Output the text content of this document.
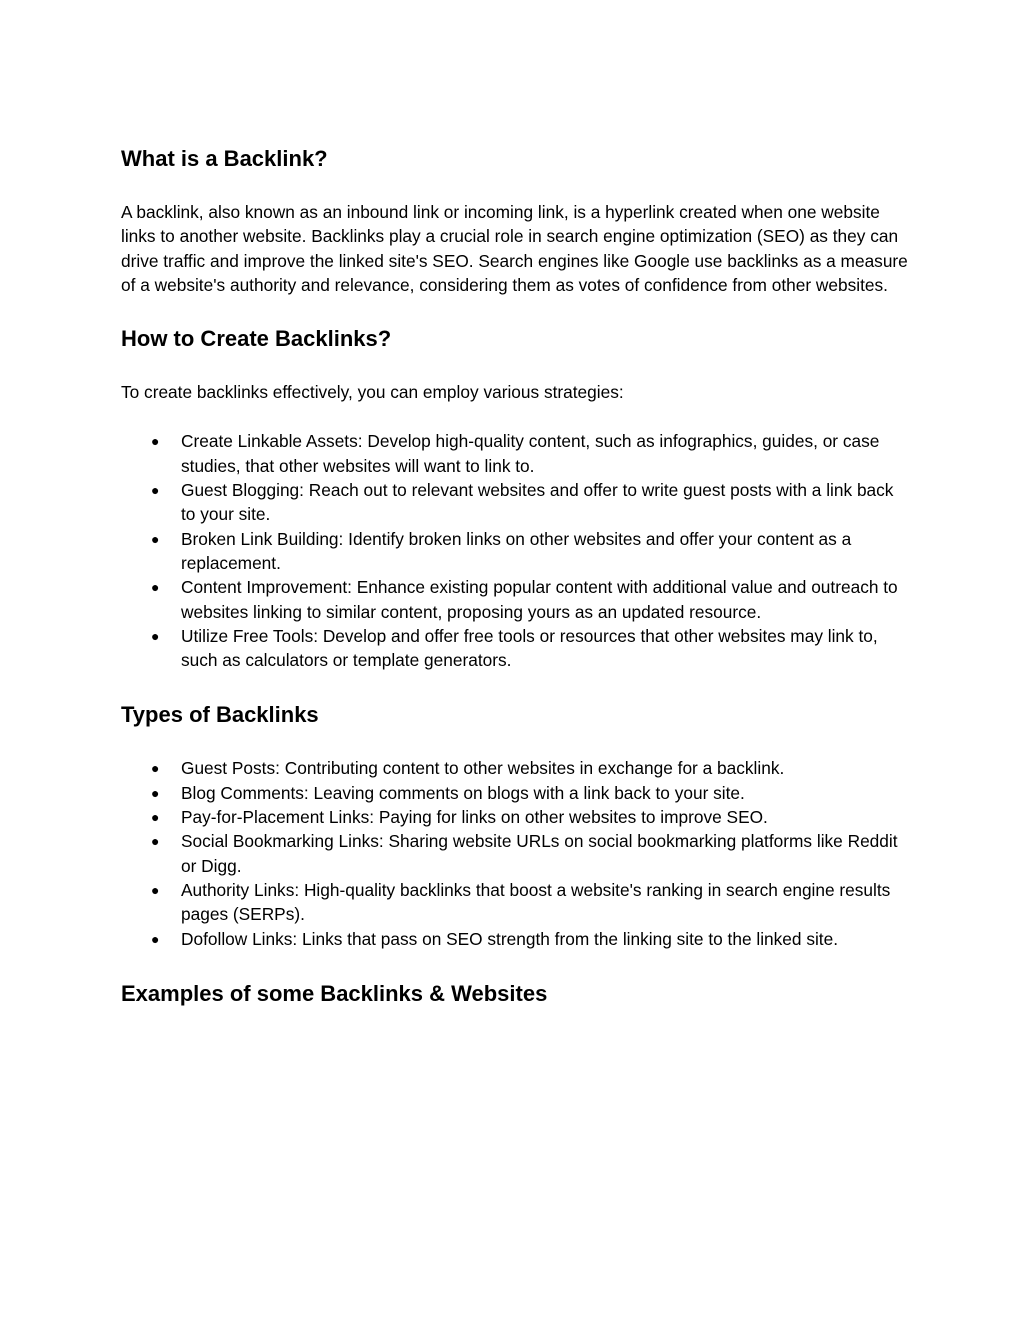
What is a Backlink?

A backlink, also known as an inbound link or incoming link, is a hyperlink created when one website links to another website. Backlinks play a crucial role in search engine optimization (SEO) as they can drive traffic and improve the linked site's SEO. Search engines like Google use backlinks as a measure of a website's authority and relevance, considering them as votes of confidence from other websites.

How to Create Backlinks?

To create backlinks effectively, you can employ various strategies:

● Create Linkable Assets: Develop high-quality content, such as infographics, guides, or case studies, that other websites will want to link to.
● Guest Blogging: Reach out to relevant websites and offer to write guest posts with a link back to your site.
● Broken Link Building: Identify broken links on other websites and offer your content as a replacement.
● Content Improvement: Enhance existing popular content with additional value and outreach to websites linking to similar content, proposing yours as an updated resource.
● Utilize Free Tools: Develop and offer free tools or resources that other websites may link to, such as calculators or template generators.
Types of Backlinks
● Guest Posts: Contributing content to other websites in exchange for a backlink.
● Blog Comments: Leaving comments on blogs with a link back to your site.
● Pay-for-Placement Links: Paying for links on other websites to improve SEO.
● Social Bookmarking Links: Sharing website URLs on social bookmarking platforms like Reddit or Digg.
● Authority Links: High-quality backlinks that boost a website's ranking in search engine results pages (SERPs).
● Dofollow Links: Links that pass on SEO strength from the linking site to the linked site.
Examples of some Backlinks & Websites
